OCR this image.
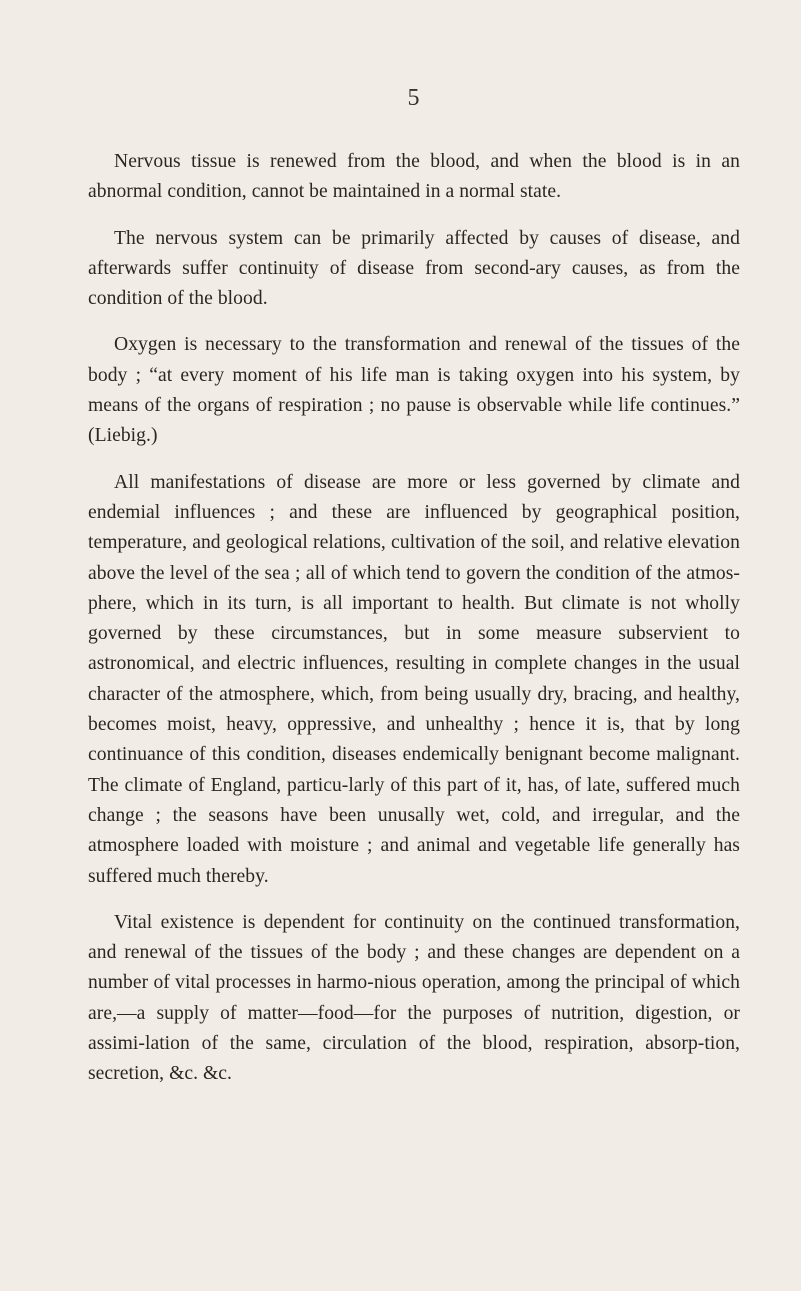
5

Nervous tissue is renewed from the blood, and when the blood is in an abnormal condition, cannot be maintained in a normal state.

The nervous system can be primarily affected by causes of disease, and afterwards suffer continuity of disease from second-ary causes, as from the condition of the blood.

Oxygen is necessary to the transformation and renewal of the tissues of the body ; “at every moment of his life man is taking oxygen into his system, by means of the organs of respiration ; no pause is observable while life continues.” (Liebig.)

All manifestations of disease are more or less governed by climate and endemial influences ; and these are influenced by geographical position, temperature, and geological relations, cultivation of the soil, and relative elevation above the level of the sea ; all of which tend to govern the condition of the atmos-phere, which in its turn, is all important to health. But climate is not wholly governed by these circumstances, but in some measure subservient to astronomical, and electric influences, resulting in complete changes in the usual character of the atmosphere, which, from being usually dry, bracing, and healthy, becomes moist, heavy, oppressive, and unhealthy ; hence it is, that by long continuance of this condition, diseases endemically benignant become malignant. The climate of England, particu-larly of this part of it, has, of late, suffered much change ; the seasons have been unusally wet, cold, and irregular, and the atmosphere loaded with moisture ; and animal and vegetable life generally has suffered much thereby.

Vital existence is dependent for continuity on the continued transformation, and renewal of the tissues of the body ; and these changes are dependent on a number of vital processes in harmo-nious operation, among the principal of which are,—a supply of matter—food—for the purposes of nutrition, digestion, or assimi-lation of the same, circulation of the blood, respiration, absorp-tion, secretion, &c. &c.
